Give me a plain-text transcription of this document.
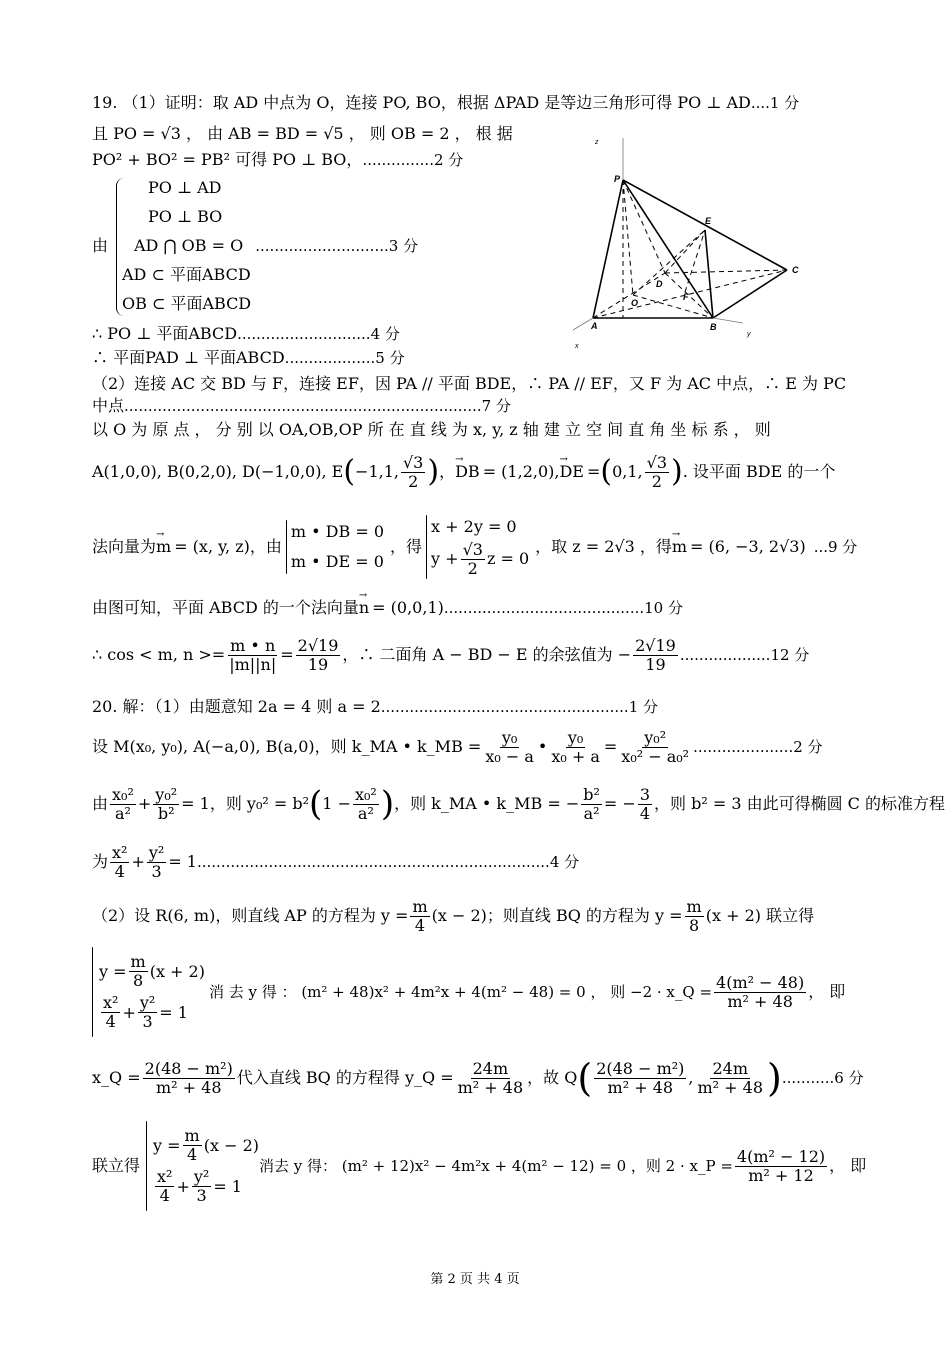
19. （1）证明：取 AD 中点为 O，连接 PO, BO，根据 ΔPAD 是等边三角形可得 PO ⊥ AD....1 分
且 PO = √3 ， 由 AB = BD = √5 ， 则 OB = 2 ， 根 据
PO² + BO² = PB² 可得 PO ⊥ BO，...............2 分
由
PO ⊥ AD
PO ⊥ BO
AD ⋂ OB = O ............................3 分
AD ⊂ 平面ABCD
OB ⊂ 平面ABCD
∴ PO ⊥ 平面ABCD............................4 分
∴ 平面PAD ⊥ 平面ABCD...................5 分
z
P
E
C
D
F
O
A	B
x
y
（2）连接 AC 交 BD 与 F，连接 EF，因 PA // 平面 BDE，∴ PA // EF，又 F 为 AC 中点，∴ E 为 PC
中点...........................................................................7 分
以 O 为 原 点 ， 分 别 以 OA,OB,OP 所 在 直 线 为 x, y, z 轴 建 立 空 间 直 角 坐 标 系 ， 则
A(1,0,0), B(0,2,0), D(−1,0,0), E ( −1,1, $\frac{√3}{2}$ ) ， → DB = (1,2,0), → DE = ( 0,1, $\frac{√3}{2}$ ) . 设平面 BDE 的一个
法向量为 → m = (x, y, z)，由
m • DB = 0
m • DE = 0
，得
x + 2y = 0
$y + \frac{√3}{2}$ z = 0
，取 z = 2√3 ，得 → m = (6, −3, 2√3) ...9 分
由图可知，平面 ABCD 的一个法向量→ n = (0,0,1)..........................................10 分
∴ cos < m, $n >= \frac{m • n}{|m||n|} = \frac{2√19}{19}$ ，∴ 二面角 A − BD − E 的余弦值为 − $\frac{2√19}{19} ...................12$ 分
20. 解：（1）由题意知 2a = 4 则 a = 2....................................................1 分
设 M(x₀, y₀), A(−a,0), B(a,0)，则 k_MA • k_MB = $\frac{\text{y₀}}{\text{x₀ − a}}$ • $\frac{\text{y₀}}{\text{x₀ + a}} = \frac{\text{y₀²}}{\text{x₀² − a₀²}} .....................2$ 分
由 $\frac{\text{x₀²}}{\text{a²}} + \frac{\text{y₀²}}{\text{b²}} = 1$，则 y₀² = b² ( $1 - \frac{\text{x₀²}}{\text{a²}}$ ) ，则 k_MA • k_MB = − $\frac{\text{b²}}{\text{a²}}$ = − $\frac{3}{4}$ ，则 b² = 3 由此可得椭圆 C 的标准方程
为 $\frac{\text{x²}}{4} + \frac{\text{y²}}{3} = 1$ ..........................................................................4 分
（2）设 R(6, m)，则直线 AP 的方程为 $y = \frac{m}{4} (x - 2)$；则直线 BQ 的方程为 $y = \frac{m}{8} (x + 2)$ 联立得
$y = \frac{m}{8} (x + 2)$
$\frac{\text{x²}}{4} + \frac{\text{y²}}{3} = 1$
消 去 y 得 ： (m² + 48)x² + 4m²x + 4(m² − 48) = 0 ， 则 −2 · x_Q = $\frac{\text{4(m² − 48)}}{\text{m² + 48}}$ ， 即
x_Q = $\frac{\text{2(48 − m²)}}{\text{m² + 48}}$ 代入直线 BQ 的方程得 y_Q = $\frac{24m}{\text{m² + 48}}$ ，故 Q ( $\frac{\text{2(48 − m²)}}{\text{m² + 48}}$ , $\frac{24m}{\text{m² + 48}}$ ) ...........6 分
联立得
$y = \frac{m}{4} (x - 2)$
$\frac{\text{x²}}{4} + \frac{\text{y²}}{3} = 1$
消去 y 得： (m² + 12)x² − 4m²x + 4(m² − 12) = 0 ，则 2 · x_P = $\frac{\text{4(m² − 12)}}{\text{m² + 12}}$ ， 即
第 2 页 共 4 页
